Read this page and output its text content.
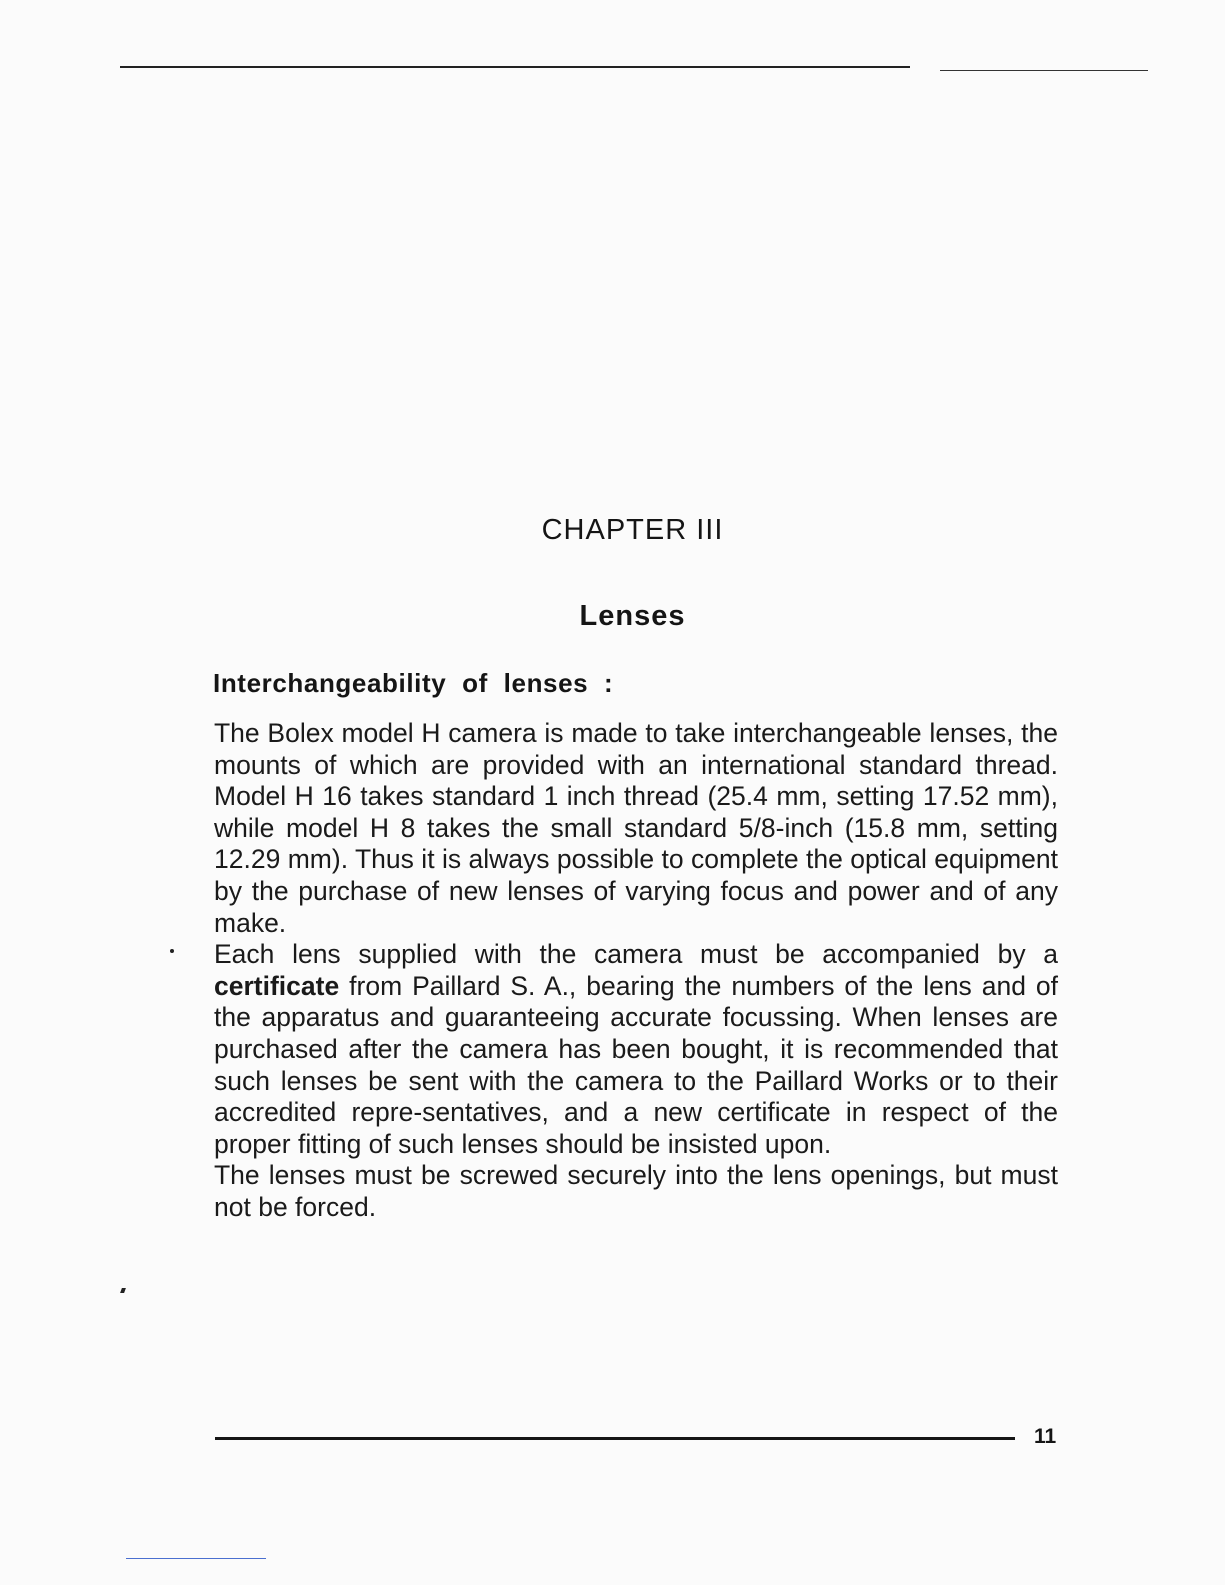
CHAPTER III
Lenses
Interchangeability of lenses :

The Bolex model H camera is made to take interchangeable lenses, the mounts of which are provided with an international standard thread. Model H 16 takes standard 1 inch thread (25.4 mm, setting 17.52 mm), while model H 8 takes the small standard 5/8-inch (15.8 mm, setting 12.29 mm). Thus it is always possible to complete the optical equipment by the purchase of new lenses of varying focus and power and of any make.

Each lens supplied with the camera must be accompanied by a certificate from Paillard S. A., bearing the numbers of the lens and of the apparatus and guaranteeing accurate focussing. When lenses are purchased after the camera has been bought, it is recommended that such lenses be sent with the camera to the Paillard Works or to their accredited repre-sentatives, and a new certificate in respect of the proper fitting of such lenses should be insisted upon.

The lenses must be screwed securely into the lens openings, but must not be forced.

11
